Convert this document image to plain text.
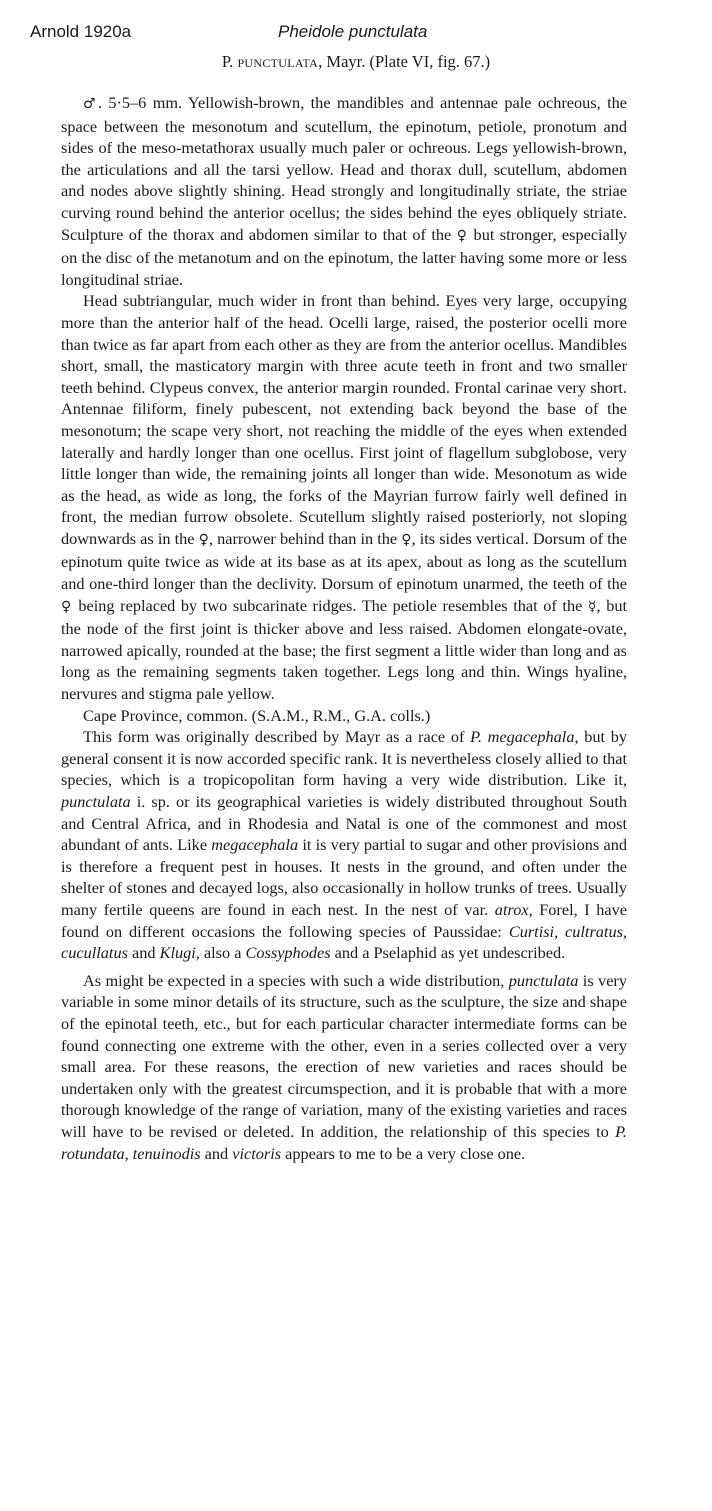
Arnold 1920a	Pheidole punctulata
P. punctulata, Mayr. (Plate VI, fig. 67.)

♂. 5·5–6 mm. Yellowish-brown, the mandibles and antennae pale ochreous, the space between the mesonotum and scutellum, the epinotum, petiole, pronotum and sides of the meso-metathorax usually much paler or ochreous. Legs yellowish-brown, the articulations and all the tarsi yellow. Head and thorax dull, scutellum, abdomen and nodes above slightly shining. Head strongly and longitudinally striate, the striae curving round behind the anterior ocellus; the sides behind the eyes obliquely striate. Sculpture of the thorax and abdomen similar to that of the ♀ but stronger, especially on the disc of the metanotum and on the epinotum, the latter having some more or less longitudinal striae.

Head subtriangular, much wider in front than behind. Eyes very large, occupying more than the anterior half of the head. Ocelli large, raised, the posterior ocelli more than twice as far apart from each other as they are from the anterior ocellus. Mandibles short, small, the masticatory margin with three acute teeth in front and two smaller teeth behind. Clypeus convex, the anterior margin rounded. Frontal carinae very short. Antennae filiform, finely pubescent, not extending back beyond the base of the mesonotum; the scape very short, not reaching the middle of the eyes when extended laterally and hardly longer than one ocellus. First joint of flagellum subglobose, very little longer than wide, the remaining joints all longer than wide. Mesonotum as wide as the head, as wide as long, the forks of the Mayrian furrow fairly well defined in front, the median furrow obsolete. Scutellum slightly raised posteriorly, not sloping downwards as in the ♀, narrower behind than in the ♀, its sides vertical. Dorsum of the epinotum quite twice as wide at its base as at its apex, about as long as the scutellum and one-third longer than the declivity. Dorsum of epinotum unarmed, the teeth of the ♀ being replaced by two subcarinate ridges. The petiole resembles that of the ☿, but the node of the first joint is thicker above and less raised. Abdomen elongate-ovate, narrowed apically, rounded at the base; the first segment a little wider than long and as long as the remaining segments taken together. Legs long and thin. Wings hyaline, nervures and stigma pale yellow.

Cape Province, common. (S.A.M., R.M., G.A. colls.)

This form was originally described by Mayr as a race of P. megacephala, but by general consent it is now accorded specific rank. It is nevertheless closely allied to that species, which is a tropicopolitan form having a very wide distribution. Like it, punctulata i. sp. or its geographical varieties is widely distributed throughout South and Central Africa, and in Rhodesia and Natal is one of the commonest and most abundant of ants. Like megacephala it is very partial to sugar and other provisions and is therefore a frequent pest in houses. It nests in the ground, and often under the shelter of stones and decayed logs, also occasionally in hollow trunks of trees. Usually many fertile queens are found in each nest. In the nest of var. atrox, Forel, I have found on different occasions the following species of Paussidae: Curtisi, cultratus, cucullatus and Klugi, also a Cossyphodes and a Pselaphid as yet undescribed.

As might be expected in a species with such a wide distribution, punctulata is very variable in some minor details of its structure, such as the sculpture, the size and shape of the epinotal teeth, etc., but for each particular character intermediate forms can be found connecting one extreme with the other, even in a series collected over a very small area. For these reasons, the erection of new varieties and races should be undertaken only with the greatest circumspection, and it is probable that with a more thorough knowledge of the range of variation, many of the existing varieties and races will have to be revised or deleted. In addition, the relationship of this species to P. rotundata, tenuinodis and victoris appears to me to be a very close one.
